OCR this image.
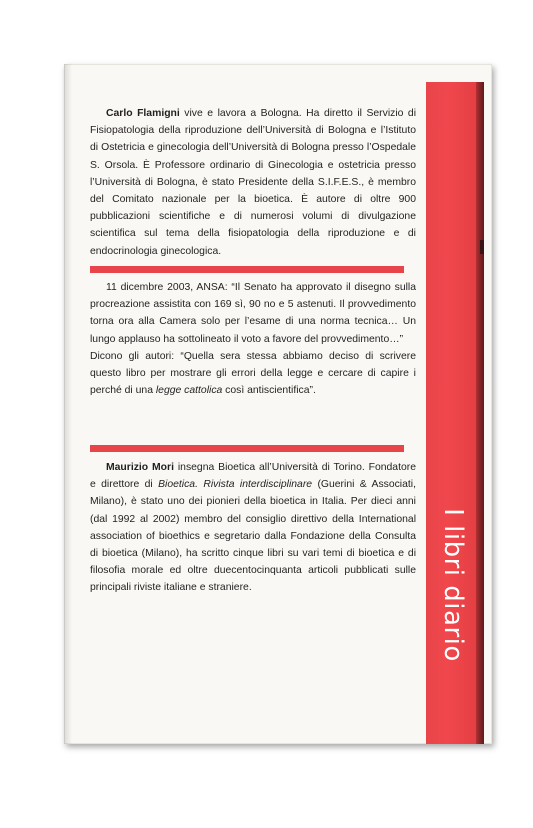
I libri diario

Carlo Flamigni vive e lavora a Bologna. Ha diretto il Servizio di Fisiopatologia della riproduzione dell’Università di Bologna e l’Istituto di Ostetricia e ginecologia dell’Università di Bologna presso l’Ospedale S. Orsola. È Professore ordinario di Ginecologia e ostetricia presso l’Università di Bologna, è stato Presidente della S.I.F.E.S., è membro del Comitato nazionale per la bioetica. È autore di oltre 900 pubblicazioni scientifiche e di numerosi volumi di divulgazione scientifica sul tema della fisiopatologia della riproduzione e di endocrinologia ginecologica.

11 dicembre 2003, ANSA: “Il Senato ha approvato il disegno sulla procreazione assistita con 169 sì, 90 no e 5 astenuti. Il provvedimento torna ora alla Camera solo per l’esame di una norma tecnica… Un lungo applauso ha sottolineato il voto a favore del provvedimento…”
Dicono gli autori: “Quella sera stessa abbiamo deciso di scrivere questo libro per mostrare gli errori della legge e cercare di capire i perché di una legge cattolica così antiscientifica”.

Maurizio Mori insegna Bioetica all’Università di Torino. Fondatore e direttore di Bioetica. Rivista interdisciplinare (Guerini & Associati, Milano), è stato uno dei pionieri della bioetica in Italia. Per dieci anni (dal 1992 al 2002) membro del consiglio direttivo della International association of bioethics e segretario dalla Fondazione della Consulta di bioetica (Milano), ha scritto cinque libri su vari temi di bioetica e di filosofia morale ed oltre duecentocinquanta articoli pubblicati sulle principali riviste italiane e straniere.
